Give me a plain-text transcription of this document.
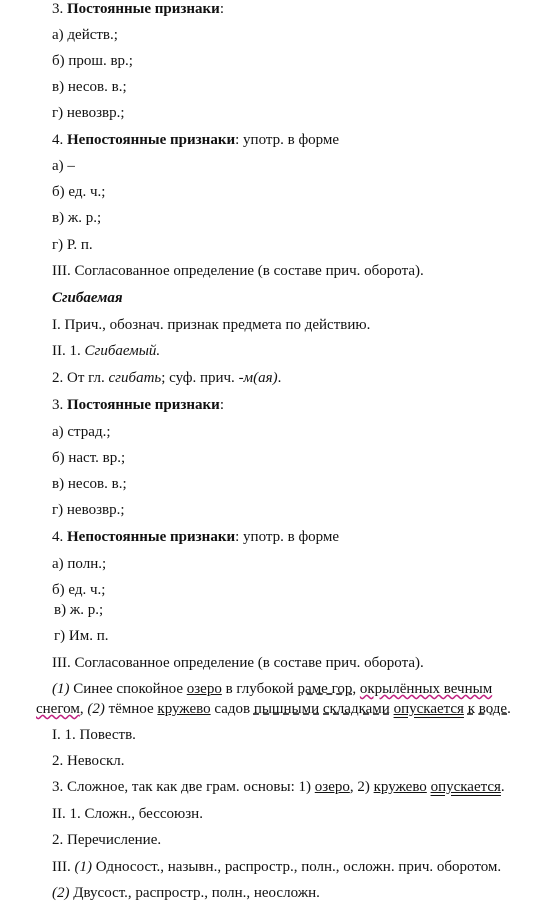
3. Постоянные признаки:
а) действ.;
б) прош. вр.;
в) несов. в.;
г) невозвр.;
4. Непостоянные признаки: употр. в форме
а) –
б) ед. ч.;
в) ж. р.;
г) Р. п.
III. Согласованное определение (в составе прич. оборота).
Сгибаемая
I. Прич., обознач. признак предмета по действию.
II. 1. Сгибаемый.
2. От гл. сгибать; суф. прич. -м(ая).
3. Постоянные признаки:
а) страд.;
б) наст. вр.;
в) несов. в.;
г) невозвр.;
4. Непостоянные признаки: употр. в форме
а) полн.;
б) ед. ч.;
в) ж. р.;
г) Им. п.
III. Согласованное определение (в составе прич. оборота).
(1) Синее спокойное озеро в глубокой раме гор, окрылённых вечным
снегом, (2) тёмное кружево садов пышными складками опускается к воде.
I. 1. Повеств.
2. Невоскл.
3. Сложное, так как две грам. основы: 1) озеро, 2) кружево опускается.
II. 1. Сложн., бессоюзн.
2. Перечисление.
III. (1) Односост., назывн., распростр., полн., осложн. прич. оборотом.
(2) Двусост., распростр., полн., неосложн.
